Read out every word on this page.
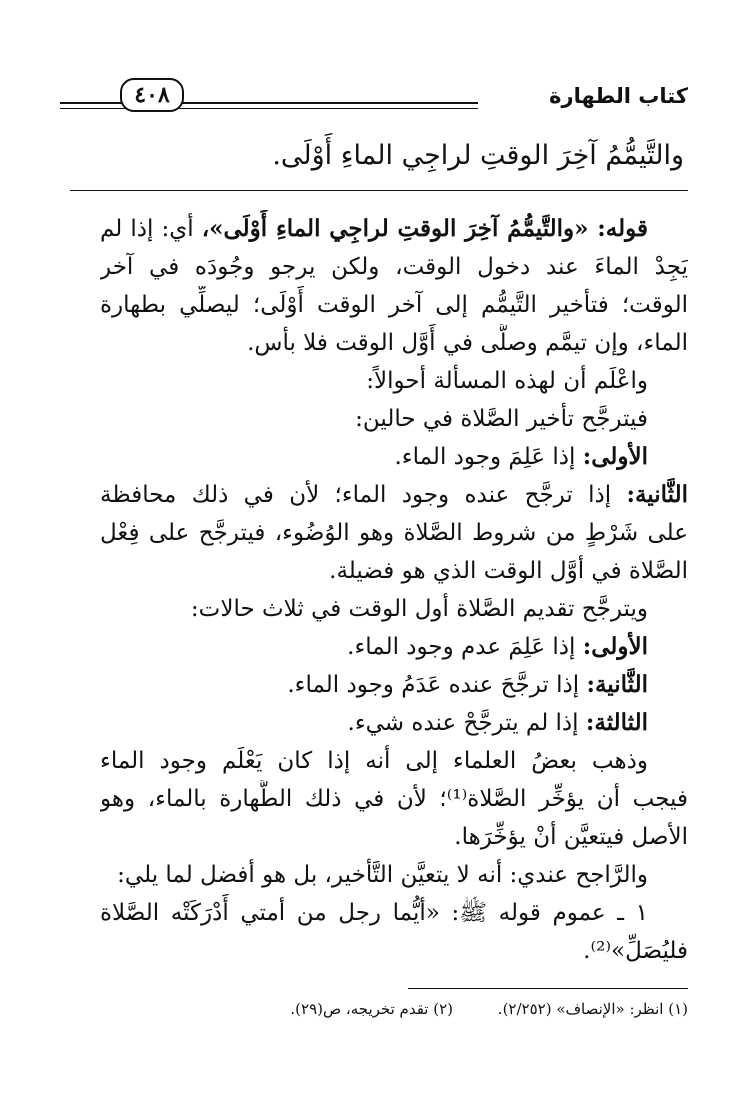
كتاب الطهارة
٤٠٨
والتَّيمُّمُ آخِرَ الوقتِ لراجِي الماءِ أَوْلَى.
قوله: «والتَّيمُّمُ آخِرَ الوقتِ لراجِي الماءِ أَوْلَى»، أي: إذا لم
يَجِدْ الماءَ عند دخول الوقت، ولكن يرجو وجُودَه في آخر
الوقت؛ فتأخير التَّيمُّم إلى آخر الوقت أَوْلَى؛ ليصلِّي بطهارة
الماء، وإن تيمَّم وصلَّى في أَوَّل الوقت فلا بأس.
واعْلَم أن لهذه المسألة أحوالاً:
فيترجَّح تأخير الصَّلاة في حالين:
الأولى: إذا عَلِمَ وجود الماء.
الثَّانية: إذا ترجَّح عنده وجود الماء؛ لأن في ذلك محافظة
على شَرْطٍ من شروط الصَّلاة وهو الوُضُوء، فيترجَّح على فِعْل
الصَّلاة في أوَّل الوقت الذي هو فضيلة.
ويترجَّح تقديم الصَّلاة أول الوقت في ثلاث حالات:
الأولى: إذا عَلِمَ عدم وجود الماء.
الثَّانية: إذا ترجَّحَ عنده عَدَمُ وجود الماء.
الثالثة: إذا لم يترجَّحْ عنده شيء.
وذهب بعضُ العلماء إلى أنه إذا كان يَعْلَم وجود الماء
فيجب أن يؤخِّر الصَّلاة⁽¹⁾؛ لأن في ذلك الطَّهارة بالماء، وهو
الأصل فيتعيَّن أنْ يؤخِّرَها.
والرَّاجح عندي: أنه لا يتعيَّن التَّأخير، بل هو أفضل لما يلي:
١ ـ عموم قوله ﷺ: «أيُّما رجل من أمتي أَدْرَكَتْه الصَّلاة
فليُصَلِّ»⁽²⁾.
(١) انظر: «الإنصاف» (٢/٢٥٢). (٢) تقدم تخريجه، ص(٢٩).
